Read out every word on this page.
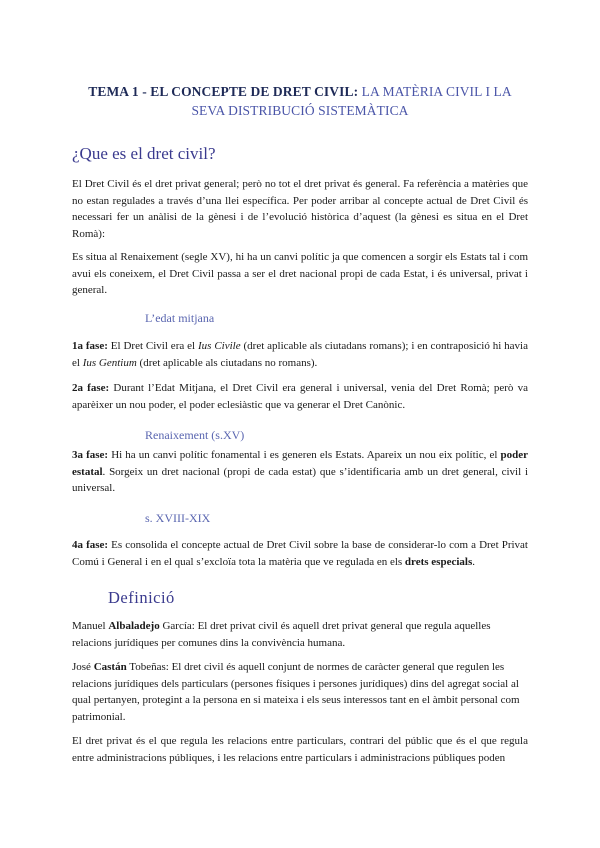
TEMA 1 - EL CONCEPTE DE DRET CIVIL: LA MATÈRIA CIVIL I LA
SEVA DISTRIBUCIÓ SISTEMÀTICA
¿Que es el dret civil?
El Dret Civil és el dret privat general; però no tot el dret privat és general. Fa referència a matèries que no estan regulades a través d’una llei específica. Per poder arribar al concepte actual de Dret Civil és necessari fer un anàlisi de la gènesi i de l’evolució històrica d’aquest (la gènesi es situa en el Dret Romà):
Es situa al Renaixement (segle XV), hi ha un canvi polític ja que comencen a sorgir els Estats tal i com avui els coneixem, el Dret Civil passa a ser el dret nacional propi de cada Estat, i és universal, privat i general.
L’edat mitjana
1a fase: El Dret Civil era el Ius Civile (dret aplicable als ciutadans romans); i en contraposició hi havia el Ius Gentium (dret aplicable als ciutadans no romans).
2a fase: Durant l’Edat Mitjana, el Dret Civil era general i universal, venia del Dret Romà; però va aparèixer un nou poder, el poder eclesiàstic que va generar el Dret Canònic.
Renaixement (s.XV)
3a fase: Hi ha un canvi polític fonamental i es generen els Estats. Apareix un nou eix polític, el poder estatal. Sorgeix un dret nacional (propi de cada estat) que s’identificaria amb un dret general, civil i universal.
s. XVIII-XIX
4a fase: Es consolida el concepte actual de Dret Civil sobre la base de considerar-lo com a Dret Privat Comú i General i en el qual s’excloïa tota la matèria que ve regulada en els drets especials.
Definició
Manuel Albaladejo García: El dret privat civil és aquell dret privat general que regula aquelles relacions jurídiques per comunes dins la convivència humana.
José Castán Tobeñas: El dret civil és aquell conjunt de normes de caràcter general que regulen les relacions jurídiques dels particulars (persones físiques i persones jurídiques) dins del agregat social al qual pertanyen, protegint a la persona en si mateixa i els seus interessos tant en el àmbit personal com patrimonial.
El dret privat és el que regula les relacions entre particulars, contrari del públic que és el que regula entre administracions públiques, i les relacions entre particulars i administracions públiques poden
